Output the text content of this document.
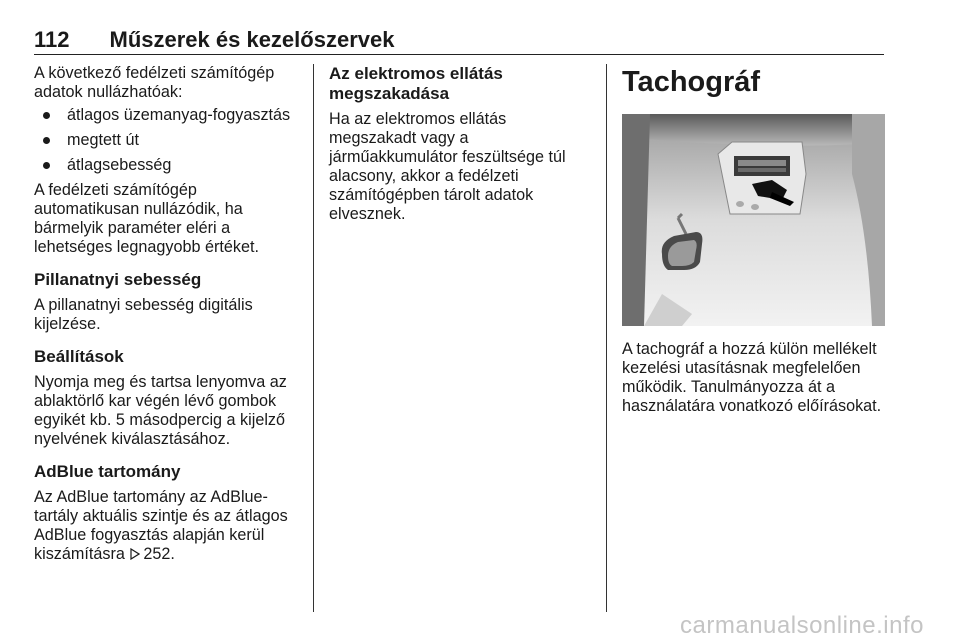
112 Műszerek és kezelőszervek

A következő fedélzeti számítógép adatok nullázhatóak:

átlagos üzemanyag-fogyasztás
megtett út
átlagsebesség

A fedélzeti számítógép automatikusan nullázódik, ha bármelyik paraméter eléri a lehetséges legnagyobb értéket.

Pillanatnyi sebesség

A pillanatnyi sebesség digitális kijelzése.

Beállítások

Nyomja meg és tartsa lenyomva az ablaktörlő kar végén lévő gombok egyikét kb. 5 másodpercig a kijelző nyelvének kiválasztásához.

AdBlue tartomány

Az AdBlue tartomány az AdBlue-tartály aktuális szintje és az átlagos AdBlue fogyasztás alapján kerül kiszámításra 252.

Az elektromos ellátás megszakadása

Ha az elektromos ellátás megszakadt vagy a járműakkumulátor feszültsége túl alacsony, akkor a fedélzeti számítógépben tárolt adatok elvesznek.

Tachográf

A tachográf a hozzá külön mellékelt kezelési utasításnak megfelelően működik. Tanulmányozza át a használatára vonatkozó előírásokat.

carmanualsonline.info
